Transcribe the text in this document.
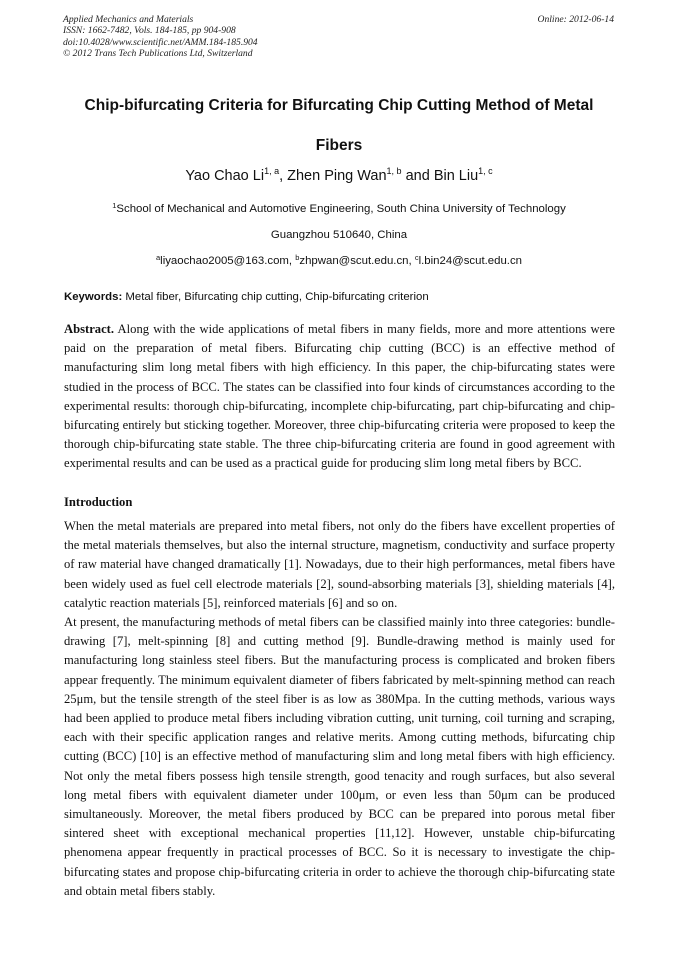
Applied Mechanics and Materials
ISSN: 1662-7482, Vols. 184-185, pp 904-908
doi:10.4028/www.scientific.net/AMM.184-185.904
© 2012 Trans Tech Publications Ltd, Switzerland
Online: 2012-06-14
Chip-bifurcating Criteria for Bifurcating Chip Cutting Method of Metal Fibers
Yao Chao Li$^{1, a}$, Zhen Ping Wan$^{1, b}$ and Bin Liu$^{1, c}$
$^1$School of Mechanical and Automotive Engineering, South China University of Technology
Guangzhou 510640, China
$^a$liyaochao2005@163.com, $^b$zhpwan@scut.edu.cn, $^c$l.bin24@scut.edu.cn
Keywords: Metal fiber, Bifurcating chip cutting, Chip-bifurcating criterion
Abstract. Along with the wide applications of metal fibers in many fields, more and more attentions were paid on the preparation of metal fibers. Bifurcating chip cutting (BCC) is an effective method of manufacturing slim long metal fibers with high efficiency. In this paper, the chip-bifurcating states were studied in the process of BCC. The states can be classified into four kinds of circumstances according to the experimental results: thorough chip-bifurcating, incomplete chip-bifurcating, part chip-bifurcating and chip-bifurcating entirely but sticking together. Moreover, three chip-bifurcating criteria were proposed to keep the thorough chip-bifurcating state stable. The three chip-bifurcating criteria are found in good agreement with experimental results and can be used as a practical guide for producing slim long metal fibers by BCC.
Introduction

When the metal materials are prepared into metal fibers, not only do the fibers have excellent properties of the metal materials themselves, but also the internal structure, magnetism, conductivity and surface property of raw material have changed dramatically [1]. Nowadays, due to their high performances, metal fibers have been widely used as fuel cell electrode materials [2], sound-absorbing materials [3], shielding materials [4], catalytic reaction materials [5], reinforced materials [6] and so on.

At present, the manufacturing methods of metal fibers can be classified mainly into three categories: bundle-drawing [7], melt-spinning [8] and cutting method [9]. Bundle-drawing method is mainly used for manufacturing long stainless steel fibers. But the manufacturing process is complicated and broken fibers appear frequently. The minimum equivalent diameter of fibers fabricated by melt-spinning method can reach 25μm, but the tensile strength of the steel fiber is as low as 380Mpa. In the cutting methods, various ways had been applied to produce metal fibers including vibration cutting, unit turning, coil turning and scraping, each with their specific application ranges and relative merits. Among cutting methods, bifurcating chip cutting (BCC) [10] is an effective method of manufacturing slim and long metal fibers with high efficiency. Not only the metal fibers possess high tensile strength, good tenacity and rough surfaces, but also several long metal fibers with equivalent diameter under 100μm, or even less than 50μm can be produced simultaneously. Moreover, the metal fibers produced by BCC can be prepared into porous metal fiber sintered sheet with exceptional mechanical properties [11,12]. However, unstable chip-bifurcating phenomena appear frequently in practical processes of BCC. So it is necessary to investigate the chip-bifurcating states and propose chip-bifurcating criteria in order to achieve the thorough chip-bifurcating state and obtain metal fibers stably.
